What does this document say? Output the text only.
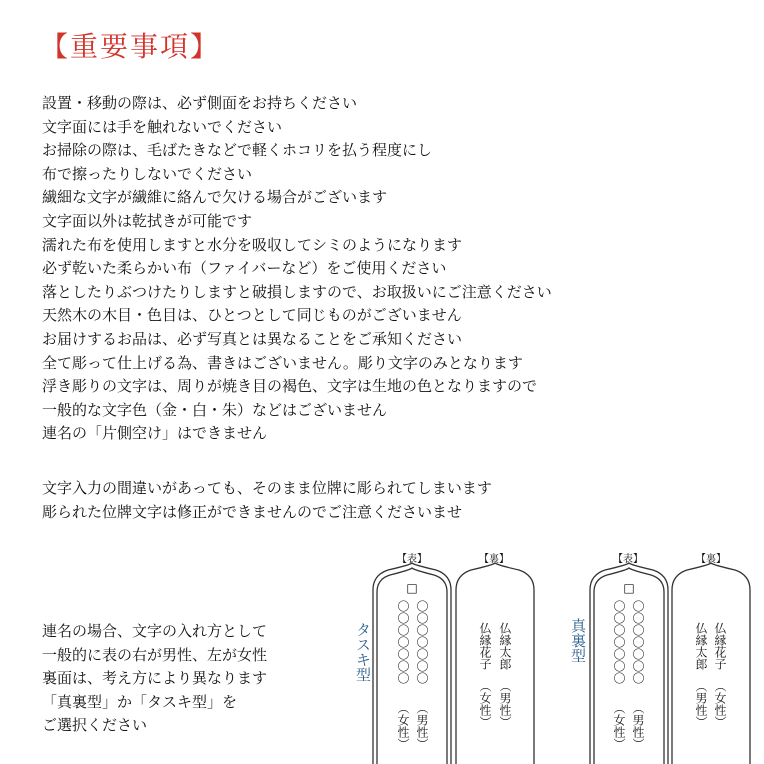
【重要事項】
設置・移動の際は、必ず側面をお持ちください
文字面には手を触れないでください
お掃除の際は、毛ばたきなどで軽くホコリを払う程度にし
布で擦ったりしないでください
繊細な文字が繊維に絡んで欠ける場合がございます
文字面以外は乾拭きが可能です
濡れた布を使用しますと水分を吸収してシミのようになります
必ず乾いた柔らかい布（ファイバーなど）をご使用ください
落としたりぶつけたりしますと破損しますので、お取扱いにご注意ください
天然木の木目・色目は、ひとつとして同じものがございません
お届けするお品は、必ず写真とは異なることをご承知ください
全て彫って仕上げる為、書きはございません。彫り文字のみとなります
浮き彫りの文字は、周りが焼き目の褐色、文字は生地の色となりますので
一般的な文字色（金・白・朱）などはございません
連名の「片側空け」はできません
文字入力の間違いがあっても、そのまま位牌に彫られてしまいます
彫られた位牌文字は修正ができませんのでご注意くださいませ
連名の場合、文字の入れ方として
一般的に表の右が男性、左が女性
裏面は、考え方により異なります
「真裏型」か「タスキ型」を
ご選択ください
【表】	【裏】	【表】	【裏】
タスキ型	真裏型
□
〇〇〇〇〇〇〇
〇〇〇〇〇〇〇
（男性）
（女性）
仏縁太郎
（男性）
仏縁花子
（女性）
□
〇〇〇〇〇〇〇
〇〇〇〇〇〇〇
（男性）
（女性）
仏縁花子
（女性）
仏縁太郎
（男性）
